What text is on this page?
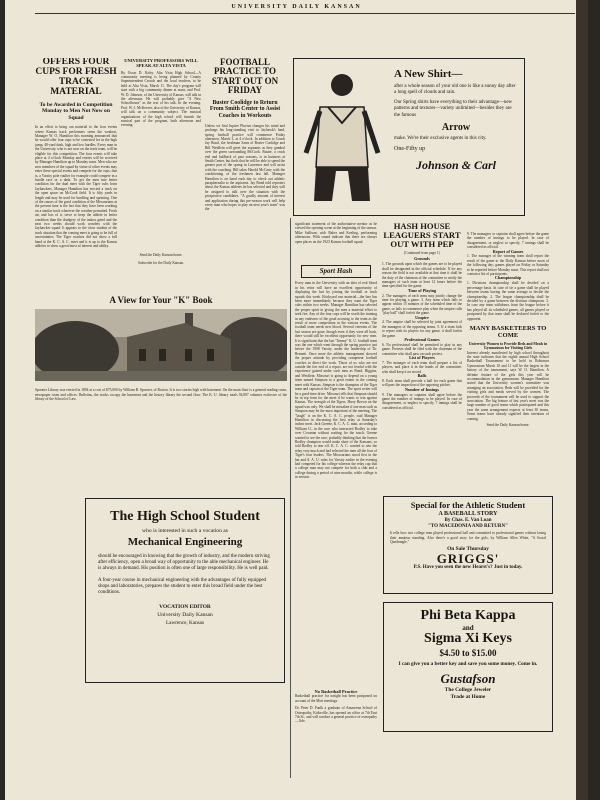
UNIVERSITY DAILY KANSAN
OFFERS FOUR CUPS FOR FRESH TRACK MATERIAL
To be Awarded in Competition Monday to Men Not Now on Squad
In an effort to bring out material to the four events where Kansas track performers seem the weakest, Manager W. O. Hamilton this morning announced that he would offer four cups to be contested for in the high jump, 40-yard dash, high and low hurdles. Every man in the University, who is not now on the track team, will be eligible for this competition. The four events will take place at 4 o'clock Monday and entries will be received by Manager Hamilton up to Monday noon. Men who are now members of the squad by virtue of other events may enter these special events and compete for the cups, that is, a Varsity pole vaulter for example could compete in a hurdle race or a dash. To get the men into better condition for the dual meet with the Tiger cubs from Jayhawkers, Manager Hamilton has erected a track on the open space on McCook field. It is fifty yards in length and may be used for hurdling and sprinting. One of the causes of the good condition of the Missourians at the present time is the fact that they have been working on a similar track wherever the weather permitted. Fresh air, and lots of it, serve to keep the athlete in better condition than the drudgery of the indoor grind and the next two weeks should work wonders with the Jayhawker squad. It appears to the close student of the track situation that the coming meet is going to be full of uncertainties. The Tiger coaches did not show a full hand at the K. C. A. C. meet and it is up to the Kansas athletes to show a great burst of interest and ability.
UNIVERSITY PROFESSORS WILL SPEAK AT ALTA VISTA
By Oscar D. Kirby. Alta Vista High School—A community meeting is being planned by County Superintendent Crouch and the local teachers, to be held at Alta Vista, March 11. The day's program will start with a big community dinner at noon, and Prof. W. D. Johnson, of the University of Kansas, will talk in the afternoon. He will probably give "A New Schoolhouse" as the text of his talk. In the evening, Prof. W. J. McKeever, also of the University of Kansas, will talk on a community subject. The musical organizations of the high school will furnish the musical part of the program, both afternoon and evening.
Send the Daily Kansan home.
Subscribe for the Daily Kansan.
FOOTBALL PRACTICE TO START OUT ON FRIDAY
Buster Coolidge to Return From Smith Center to Assist Coaches in Workouts
Unless we find Jupiter Pluvius changes his mind and prolongs his long-standing visit to Jayhawk's land, spring football practice will commence Friday afternoon, March 3, at 4 o'clock. In addition to Coach Jay Bond, the freshman Sams of Buster Coolidge and Bill Weidlein will greet the aspirants as they gambol over the green surrounding McCook. Buster, a crack end and halfback of past seasons, is in business at Smith Center, but finds that he will be able to spend the greater part of the spring in Lawrence and will assist with the coaching. Bill takes Harold McCarty with the conditioning of the freshmen last fall. Manager Hamilton is on hand each day to check out athletic paraphernalia to the aspirants. Jay Bond told reporters about the Kansas athletes he has selected and they will be assigned to talk over the situation with the prospective candidates. "A goodly amount of interest and application during this pre-season work will help every man who hopes to play on next year's team" was the
A New Shirt—
after a whole season of your old one is like a sunny day after a long spell of clouds and rain.
Our Spring shirts have everything to their advantage—new patterns and textures—variety unlimited—besides they are the famous
Arrow
make. We're their exclusive agents in this city.
One-Fifty up
Johnson & Carl
A View for Your "K" Book
Spooner Library was erected in 1894 at a cost of $75,000 by William B. Spooner, of Boston. It is two stories high with basement. On the main floor is a general reading room, newspaper room and offices. Bulletins, the stacks occupy the basement and the history library the second floor. The K. U. library totals 94,807 volumes exclusive of the library of the School of Law.
The High School Student
who is interested in such a vocation as
Mechanical Engineering
should be encouraged in knowing that the growth of industry, and the modern striving after efficiency, open a broad way of opportunity to the able mechanical engineer. He is always in demand. His position is often one of large responsibility. He is well paid.
A four-year course in mechanical engineering with the advantages of fully equipped shops and laboratories, prepares the student to enter this broad field under the best conditions.
VOCATION EDITOR
University Daily Kansan
Lawrence, Kansas
significant statement of the authoritative mentor as he viewed the opening scene at the beginning of the season. Mike Sullivan, with Baker and Keeling, performing afternoons. With sound indicate that there are always open places on the 1923 Kansas football squad.
Sport Hash
Every man in the University with an idea of real blood in his veins will have an excellent opportunity of displaying the fact by joining the football or track squads this week. Brickyard raw material—the line has been more immediately because they want the Tiger cubs within two weeks. Manager Hamilton has selected the proper spirit in giving the men a material effort to seek fire. Any of the four cups will be worth the training in any endeavor of the good accruing to the team as the result of more competition in the various events. The football team needs new blood. Several veterans of the last season are gone, though even if they were all back, there would still be excellent opportunity for new men. It is significant that the last "Jimmy" K. U. football team was the one which went through the spring practice just before the 1908 Varsity, under the leadership of Dr. Bennett. Once more the athletic management showed the proper attitude by providing competent football coaches to direct the work. Those of us who are not outside the fort end of a report, are not fearful with the experience gained under such men as Bond, Higgins, and Weidlein. Missouri is going to depend on a young team named Simpson to a great extent in the coming meet with Kansas. Simpson is the champion of the Tiger team and captain of the Tiger team. The sport writer will be a good-time drive. Missouri tells that Simpson should be in top form for the meet if he wants to win against Kansas. The strength of the Tigers, Harry Brown on the squad was only. We shall be mistaken if one man such as Simpson may be the most important of the meeting. The "laugh" is on the K. C. A. C. people, said Manager Hamilton in discussing the first relay at Saturday's indoor meet. Jack Greene, K. C. A. C. man, according to William O., in the race who instructed Bodley to take over Cowman without waiting for the touch. Greene wanted to see the race, probably thinking that the former Bodley champion would make short of the Kansans, so told Bodley to tear off. K. C. A. C. wanted to win the relay very much and had selected the men all the four of Tiger's four leaders. The Missourians stood first in the bat and A. A. U. rules for Varsity earlier in the evening had competed for his college whereas the relay cup that a college man may not compete for both a club and a college during a period of nine months, while college is in session.
No Basketball Practice
Basketball practice for tonight has been postponed on account of the Mott meetings.
Dr. Peter D. Faulk a graduate of Amaseena School of Osteopathy, Kirksville, has opened an office at 7th East 7th St., and will conduct a general practice of osteopathy—Adv.
HASH HOUSE LEAGUERS START OUT WITH PEP
(Continued from page 1)
Grounds
1. The grounds upon which the games are to be played shall be designated in the official schedule. If for any reason the field is not available at that time it shall be the duty of the chairman of the committee to notify the managers of such team at least 12 hours before the time specified for the game.
Time of Playing
2. The managers of each team may jointly change the time for playing a game. 3. Any team which fails to appear within 15 minutes of the scheduled time of the game, or fails to commence play when the umpire calls "play ball" shall forfeit the game.
Umpire
4. The umpire shall be selected by joint agreement of the managers of the opposing teams. 5. If a team fails to report with its players for any game, it shall forfeit the game.
Professional Games
6. No professional shall be permitted to play in any game. Protests shall be filed with the chairman of the committee who shall pass on such protest.
List of Players
7. The manager of each team shall prepare a list of players, and place it in the hands of the committee, who shall keep it on record.
Balls
8. Each team shall provide a ball for each game that will pass the inspection of the opposing pitcher.
Number of Innings
9. The managers or captains shall agree before the game the number of innings to be played. In case of disagreement, or neglect to specify, 7 innings shall be considered as official.
9. The managers or captains shall agree before the game the number of innings to be played. In case of disagreement, or neglect to specify, 7 innings shall be considered as official.
Report of Games
1. The manager of the winning team shall report the result of the game to the Daily Kansan before noon of the following day; games played on Friday or Saturday to be reported before Monday noon. This report shall not contain a list of participants.
Championship
1. Divisions championship shall be decided on a percentage basis. In case of tie a game shall be played between teams having the same average to decide the championship. 2. The league championship shall be decided by a game between the division champions. 3. In case any team withdraws from the league before it has played all its scheduled games, all games played or postponed by that team shall be declared forfeit to the opponent.
MANY BASKETEERS TO COME
University Women to Provide Beds and Meals in Gymnasium for Visiting Girls
Interest already manifested by high school throughout the state indicates that the eighth annual High School Basketball Tournament to be held in Robinson Gymnasium March 10 and 11 will be the largest in the history of the tournament, says W. O. Hamilton. A definite feature of the girls this year will be accommodation in the gymnasium. Manager Hamilton stated that the University women's committee was arranging an association. Beds will be provided for the visiting girls and meals served by the women. The proceeds of the tournament will be used to support the association. The big feature of last year's meet was the large number of good teams which participated and this year the same arrangement expects at least 30 teams. Some teams have already signified their intention of coming.
Send the Daily Kansan home.
Special for the Athletic Student
A BASEBALL STORY
By Chas. E. Van Loan
"TO MACEDONIA AND RETURN"
It tells how two college men played professional ball and committed to professional games without losing their amateur standing. Also there's a good story for the girls, by William Allen White, "A Social Quadrangle."
On Sale Thursday
GRIGGS'
P.S. Have you seen the new Hearst's? Just in today.
Phi Beta Kappa
and
Sigma Xi Keys
$4.50 to $15.00
I can give you a better key and save you some money. Come in.
Gustafson
The College Jeweler
Trade at Home
